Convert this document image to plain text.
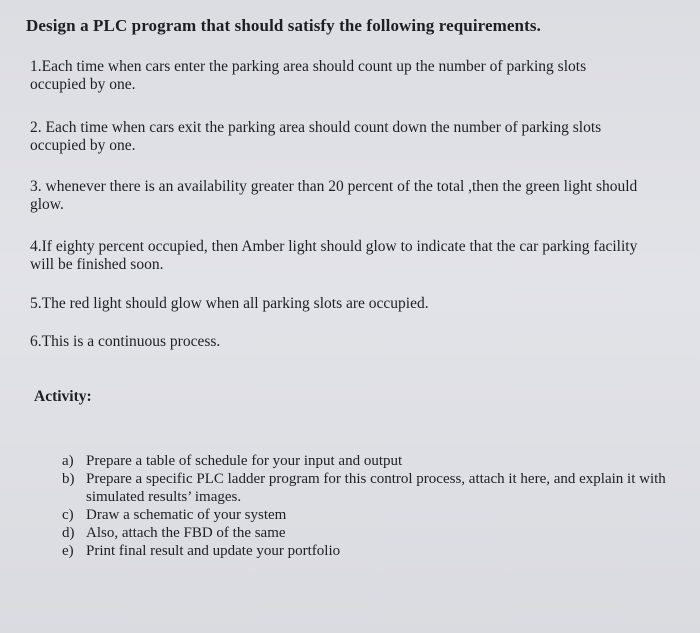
Design a PLC program that should satisfy the following requirements.

1.Each time when cars enter the parking area should count up the number of parking slots

occupied by one.

2. Each time when cars exit the parking area should count down the number of parking slots

occupied by one.

3. whenever there is an availability greater than 20 percent of the total ,then the green light should

glow.

4.If eighty percent occupied, then Amber light should glow to indicate that the car parking facility

will be finished soon.

5.The red light should glow when all parking slots are occupied.

6.This is a continuous process.

Activity:
a) Prepare a table of schedule for your input and output
b) Prepare a specific PLC ladder program for this control process, attach it here, and explain it with simulated results’ images.
c) Draw a schematic of your system
d) Also, attach the FBD of the same
e) Print final result and update your portfolio
